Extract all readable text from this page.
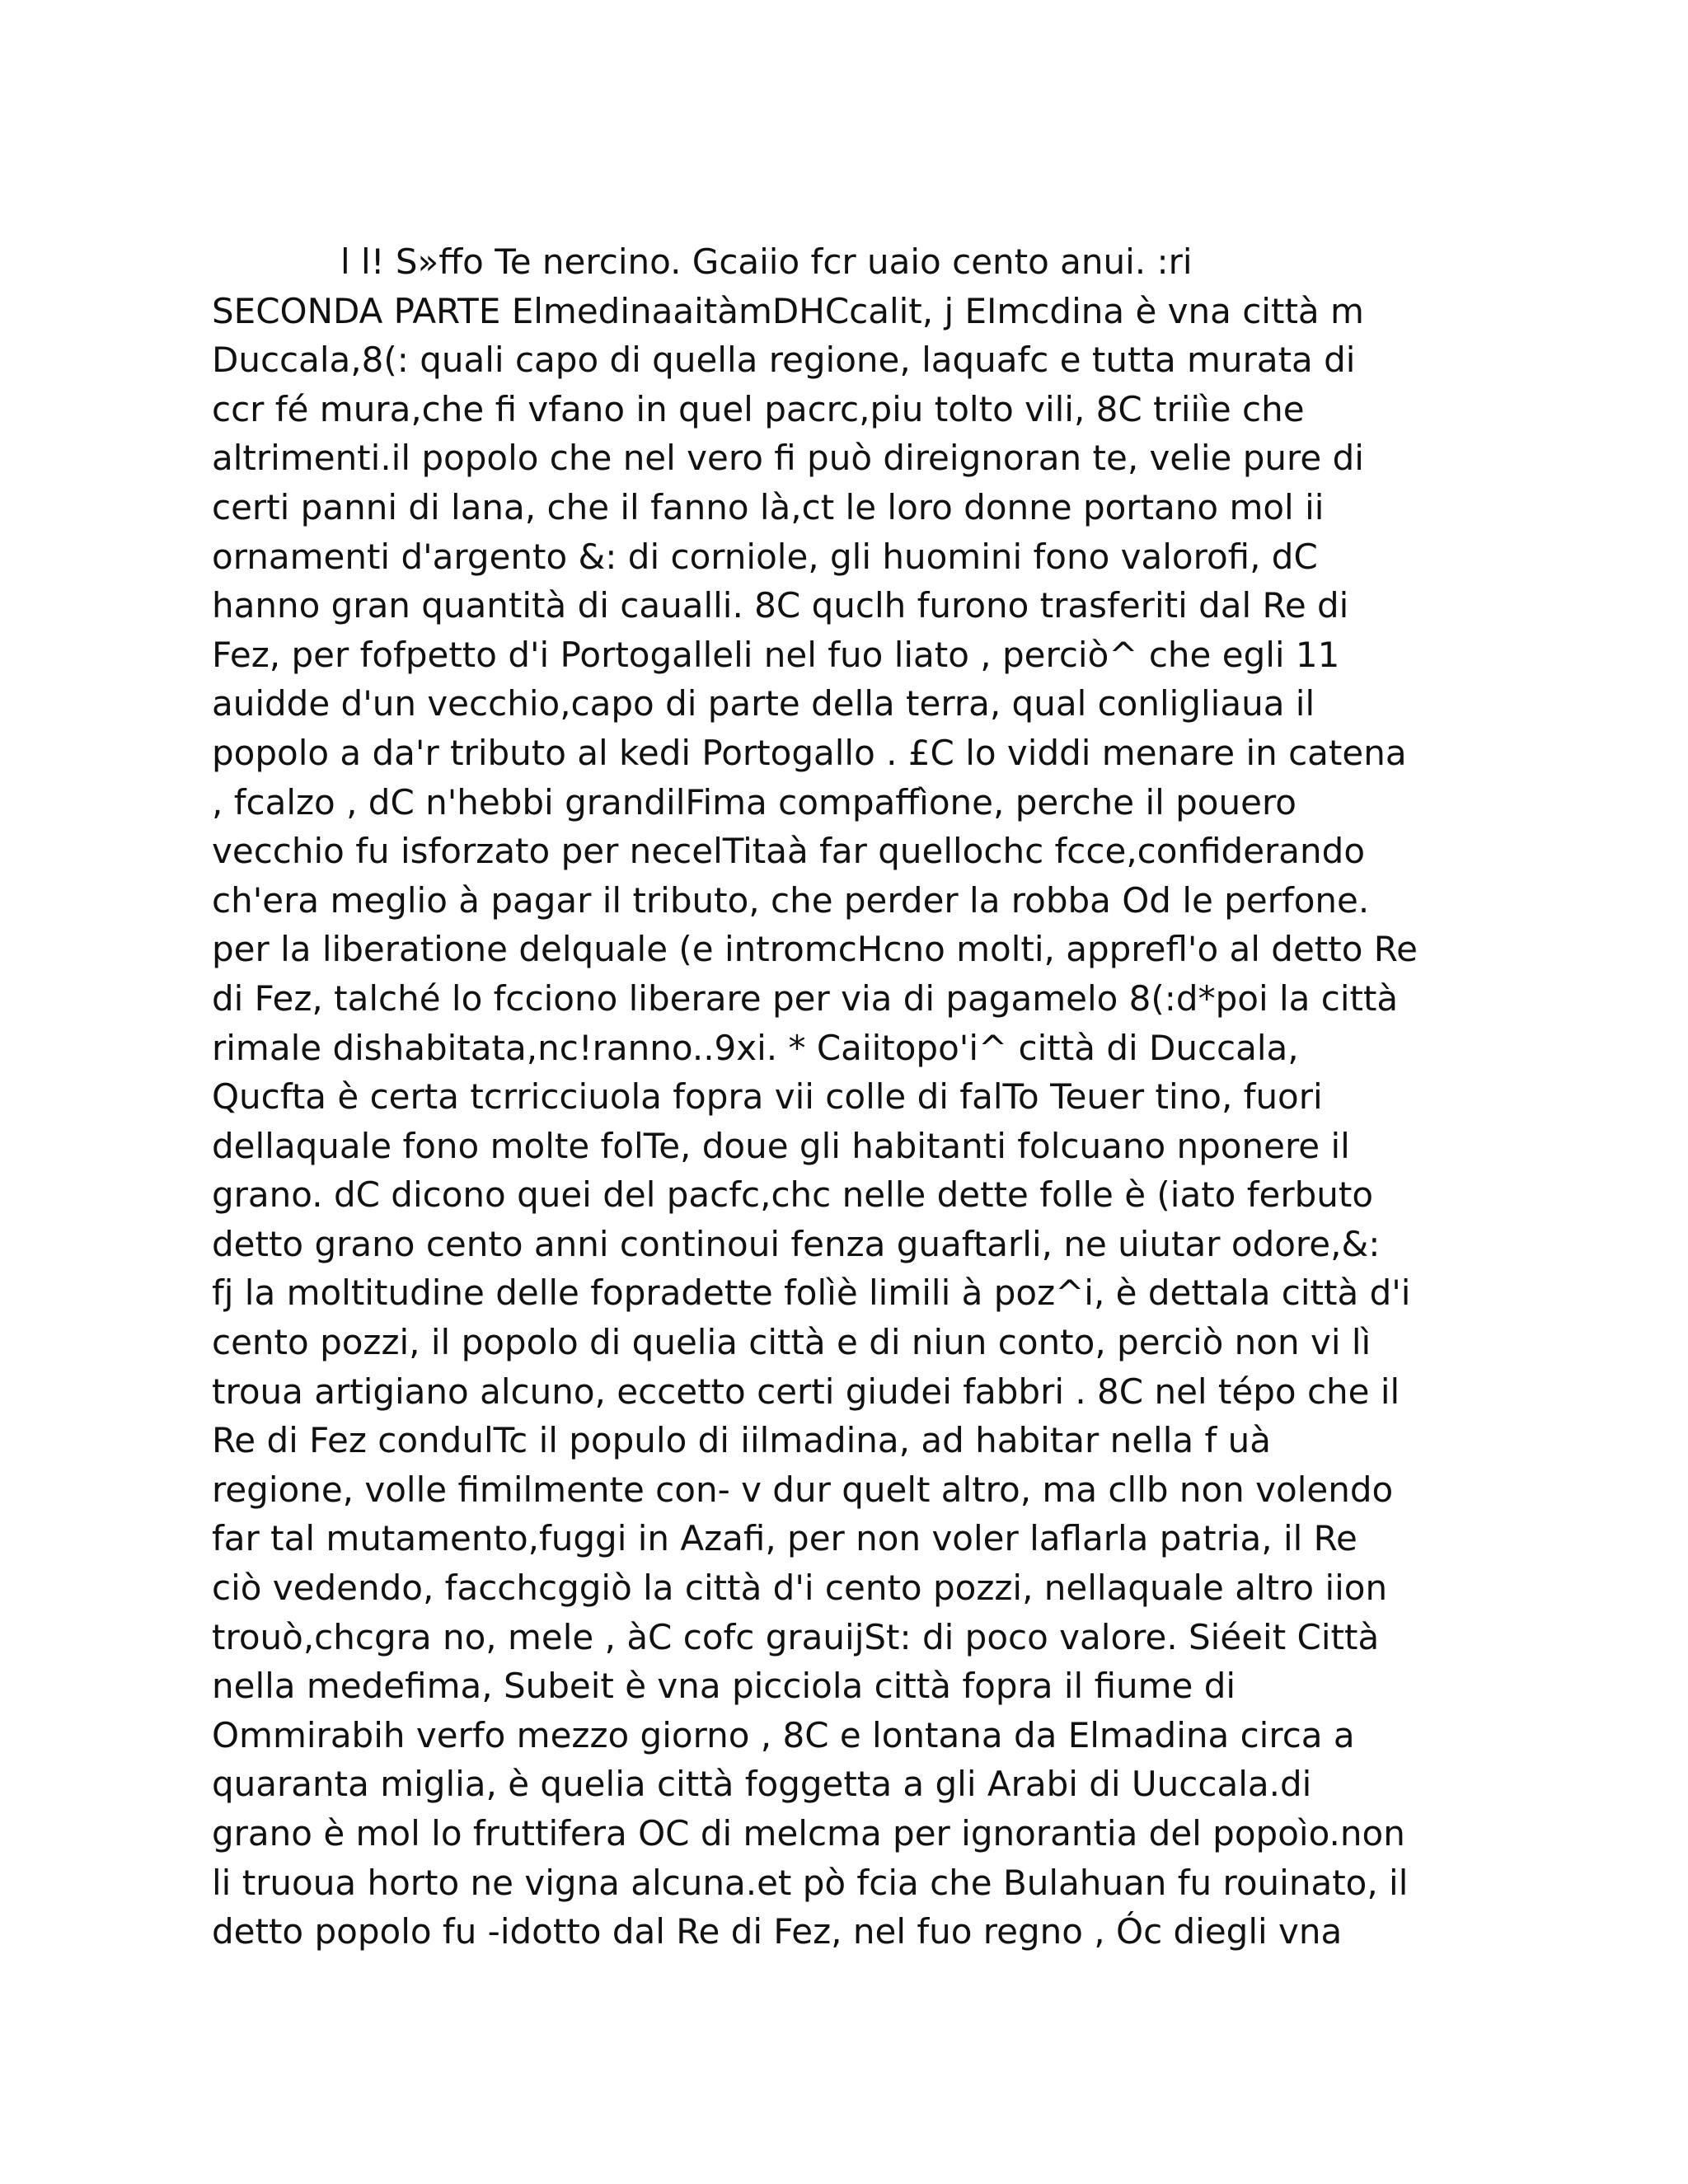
l l! S»ffo Te nercino. Gcaiio fcr uaio cento anui. :ri
SECONDA PARTE ElmedinaaitàmDHCcalit, j EImcdina è vna città m
Duccala,8(: quali capo di quella regione, laquafc e tutta murata di
ccr fé mura,che fi vfano in quel pacrc,piu tolto vili, 8C triiìe che
altrimenti.il popolo che nel vero fi può direignoran te, velie pure di
certi panni di lana, che il fanno là,ct le loro donne portano mol ii
ornamenti d'argento &: di corniole, gli huomini fono valorofi, dC
hanno gran quantità di caualli. 8C quclh furono trasferiti dal Re di
Fez, per fofpetto d'i Portogalleli nel fuo liato , perciò^ che egli 11
auidde d'un vecchio,capo di parte della terra, qual conligliaua il
popolo a da'r tributo al kedi Portogallo . £C lo viddi menare in catena
, fcalzo , dC n'hebbi grandilFima compaffìone, perche il pouero
vecchio fu isforzato per necelTitaà far quellochc fcce,confiderando
ch'era meglio à pagar il tributo, che perder la robba Od le perfone.
per la liberatione delquale (e intromcHcno molti, apprefl'o al detto Re
di Fez, talché lo fcciono liberare per via di pagamelo 8(:d*poi la città
rimale dishabitata,nc!ranno..9xi. * Caiitopo'i^ città di Duccala,
Qucfta è certa tcrricciuola fopra vii colle di falTo Teuer tino, fuori
dellaquale fono molte folTe, doue gli habitanti folcuano nponere il
grano. dC dicono quei del pacfc,chc nelle dette folle è (iato ferbuto
detto grano cento anni continoui fenza guaftarli, ne uiutar odore,&:
fj la moltitudine delle fopradette folìè limili à poz^i, è dettala città d'i
cento pozzi, il popolo di quelia città e di niun conto, perciò non vi lì
troua artigiano alcuno, eccetto certi giudei fabbri . 8C nel tépo che il
Re di Fez condulTc il populo di iilmadina, ad habitar nella f uà
regione, volle fimilmente con- v dur quelt altro, ma cllb non volendo
far tal mutamento,fuggi in Azafi, per non voler laflarla patria, il Re
ciò vedendo, facchcggiò la città d'i cento pozzi, nellaquale altro iion
trouò,chcgra no, mele , àC cofc grauijSt: di poco valore. Siéeit Città
nella medefima, Subeit è vna picciola città fopra il fiume di
Ommirabih verfo mezzo giorno , 8C e lontana da Elmadina circa a
quaranta miglia, è quelia città foggetta a gli Arabi di Uuccala.di
grano è mol lo fruttifera OC di melcma per ignorantia del popoìo.non
li truoua horto ne vigna alcuna.et pò fcia che Bulahuan fu rouinato, il
detto popolo fu -idotto dal Re di Fez, nel fuo regno , Óc diegli vna
